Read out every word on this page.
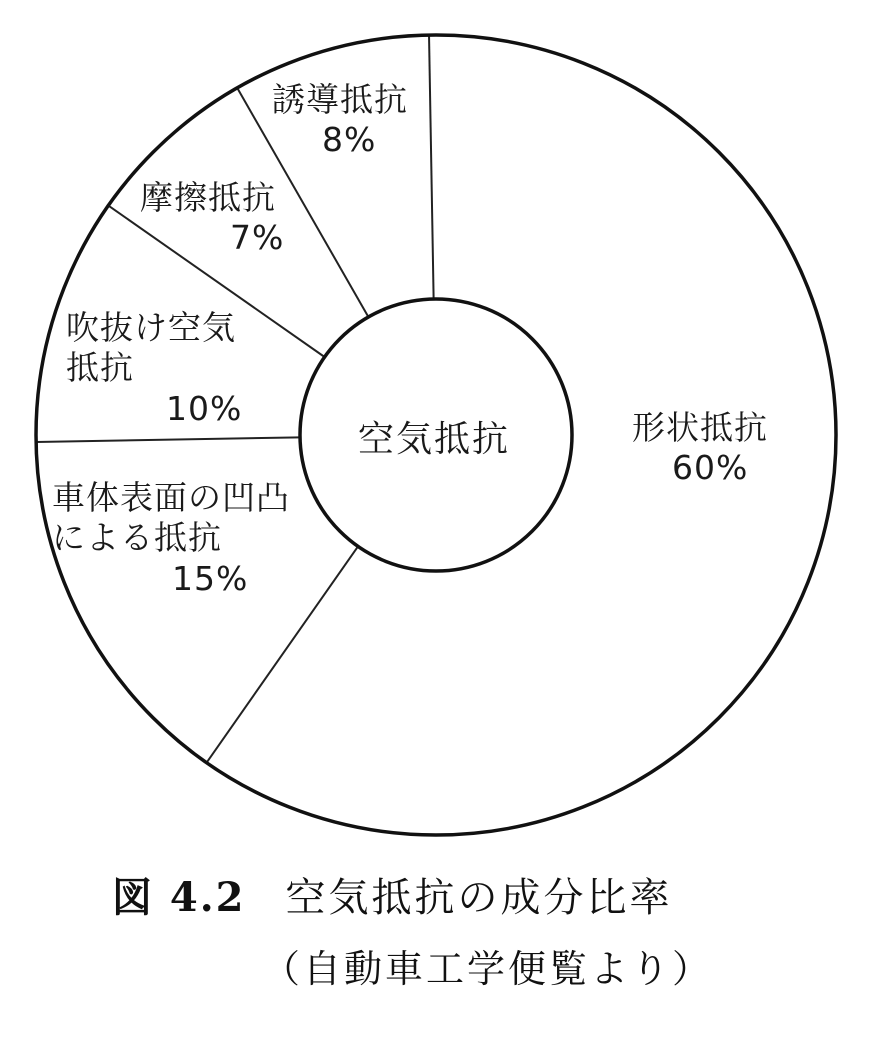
空気抵抗	形状抵抗
60%
車体表面の凹凸
による抵抗
15%
吹抜け空気
抵抗
10%
摩擦抵抗
7%
誘導抵抗
8%
図 4.2 空気抵抗の成分比率
（自動車工学便覧より）
